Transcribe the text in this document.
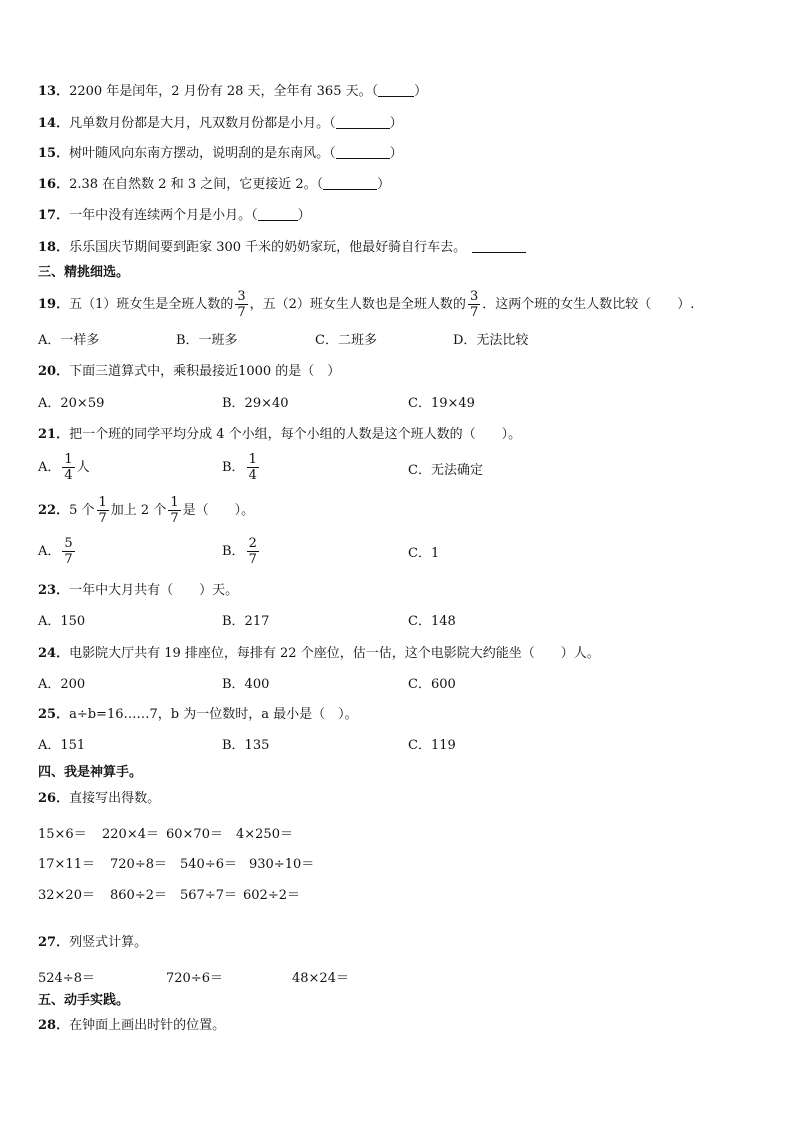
13．2200 年是闰年，2 月份有 28 天，全年有 365 天。（	）
14．凡单数月份都是大月，凡双数月份都是小月。（	）
15．树叶随风向东南方摆动，说明刮的是东南风。（	）
16．2.38 在自然数 2 和 3 之间，它更接近 2。（	）
17．一年中没有连续两个月是小月。（	）
18．乐乐国庆节期间要到距家 300 千米的奶奶家玩，他最好骑自行车去。
三、精挑细选。
19．五（1）班女生是全班人数的 $\frac{3}{7}$ ，五（2）班女生人数也是全班人数的 $\frac{3}{7}$ ．这两个班的女生人数比较（　　）.
A．一样多	B．一班多	C．二班多	D．无法比较
20．下面三道算式中，乘积最接近1000 的是（　）
A．20×59	B．29×40	C．19×49
21．把一个班的同学平均分成 4 个小组，每个小组的人数是这个班人数的（　　）。
A． $\frac{1}{4}$ 人	B． $\frac{1}{4}$	C．无法确定
22．5 个 $\frac{1}{7}$ 加上 2 个 $\frac{1}{7}$ 是（　　）。
A． $\frac{5}{7}$	B． $\frac{2}{7}$	C．1
23．一年中大月共有（　　）天。
A．150	B．217	C．148
24．电影院大厅共有 19 排座位，每排有 22 个座位，估一估，这个电影院大约能坐（　　）人。
A．200	B．400	C．600
25．a÷b=16……7，b 为一位数时，a 最小是（　）。
A．151	B．135	C．119
四、我是神算手。
26．直接写出得数。
15×6＝ 220×4＝ 60×70＝ 4×250＝
17×11＝ 720÷8＝ 540÷6＝ 930÷10＝
32×20＝ 860÷2＝ 567÷7＝ 602÷2＝
27．列竖式计算。
524÷8＝	720÷6＝	48×24＝
五、动手实践。
28．在钟面上画出时针的位置。
